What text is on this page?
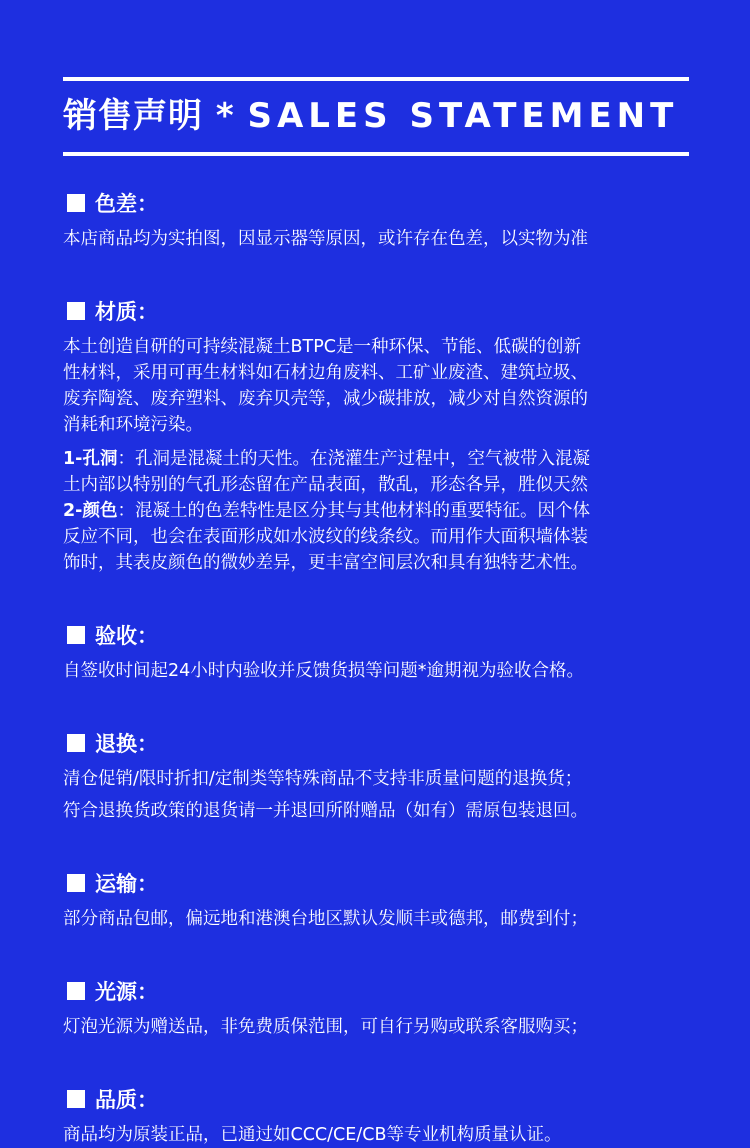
销售声明 * SALES STATEMENT
色差：

本店商品均为实拍图，因显示器等原因，或许存在色差，以实物为准

材质：

本土创造自研的可持续混凝土BTPC是一种环保、节能、低碳的创新

性材料，采用可再生材料如石材边角废料、工矿业废渣、建筑垃圾、

废弃陶瓷、废弃塑料、废弃贝壳等，减少碳排放，减少对自然资源的

消耗和环境污染。

1-孔洞：孔洞是混凝土的天性。在浇灌生产过程中，空气被带入混凝

土内部以特别的气孔形态留在产品表面，散乱，形态各异，胜似天然

2-颜色：混凝土的色差特性是区分其与其他材料的重要特征。因个体

反应不同，也会在表面形成如水波纹的线条纹。而用作大面积墙体装

饰时，其表皮颜色的微妙差异，更丰富空间层次和具有独特艺术性。

验收：

自签收时间起24小时内验收并反馈货损等问题*逾期视为验收合格。

退换：

清仓促销/限时折扣/定制类等特殊商品不支持非质量问题的退换货；

符合退换货政策的退货请一并退回所附赠品（如有）需原包装退回。

运输：

部分商品包邮，偏远地和港澳台地区默认发顺丰或德邦，邮费到付；

光源：

灯泡光源为赠送品，非免费质保范围，可自行另购或联系客服购买；

品质：

商品均为原装正品，已通过如CCC/CE/CB等专业机构质量认证。
